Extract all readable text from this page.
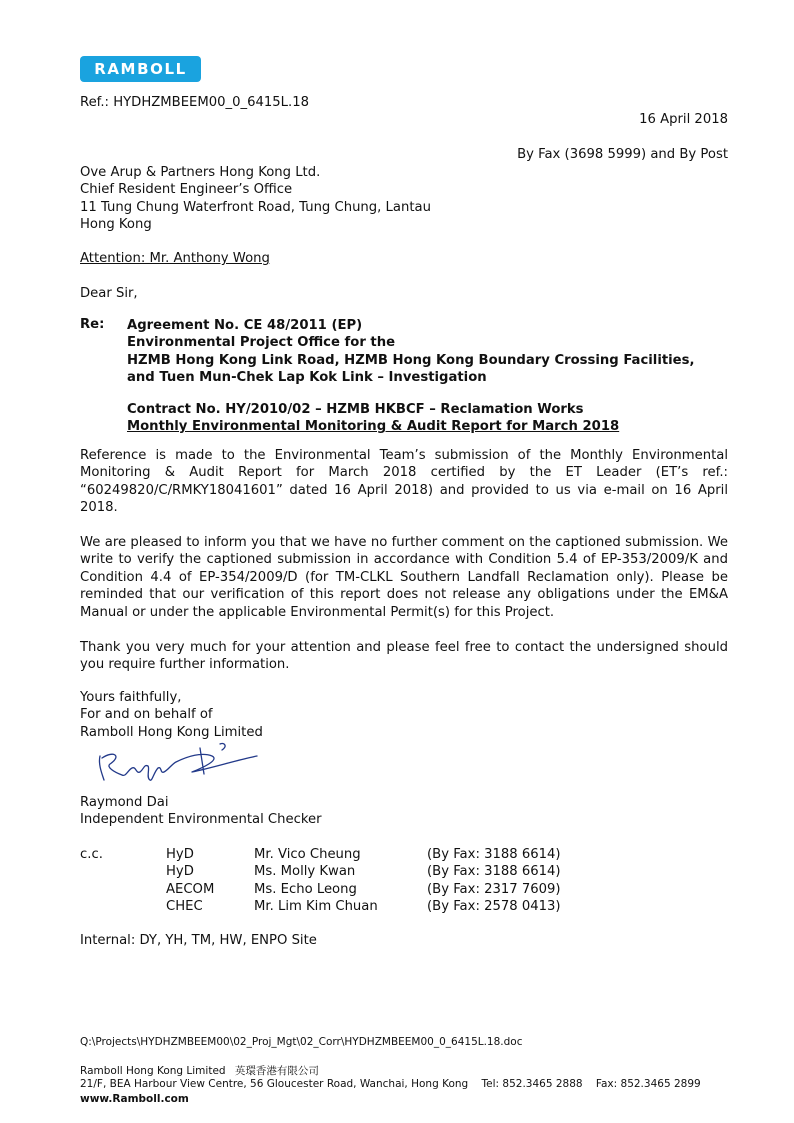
RAMBOLL
Ref.: HYDHZMBEEM00_0_6415L.18
16 April 2018
By Fax (3698 5999) and By Post
Ove Arup & Partners Hong Kong Ltd.
Chief Resident Engineer’s Office
11 Tung Chung Waterfront Road, Tung Chung, Lantau
Hong Kong
Attention: Mr. Anthony Wong
Dear Sir,
Re: Agreement No. CE 48/2011 (EP)
Environmental Project Office for the
HZMB Hong Kong Link Road, HZMB Hong Kong Boundary Crossing Facilities,
and Tuen Mun-Chek Lap Kok Link – Investigation
Contract No. HY/2010/02 – HZMB HKBCF – Reclamation Works
Monthly Environmental Monitoring & Audit Report for March 2018
Reference is made to the Environmental Team’s submission of the Monthly Environmental Monitoring & Audit Report for March 2018 certified by the ET Leader (ET’s ref.: “60249820/C/RMKY18041601” dated 16 April 2018) and provided to us via e-mail on 16 April 2018.
We are pleased to inform you that we have no further comment on the captioned submission. We write to verify the captioned submission in accordance with Condition 5.4 of EP-353/2009/K and Condition 4.4 of EP-354/2009/D (for TM-CLKL Southern Landfall Reclamation only). Please be reminded that our verification of this report does not release any obligations under the EM&A Manual or under the applicable Environmental Permit(s) for this Project.
Thank you very much for your attention and please feel free to contact the undersigned should you require further information.
Yours faithfully,
For and on behalf of
Ramboll Hong Kong Limited
Raymond Dai
Independent Environmental Checker
c.c.	HyD	Mr. Vico Cheung	(By Fax: 3188 6614)
HyD	Ms. Molly Kwan	(By Fax: 3188 6614)
AECOM	Ms. Echo Leong	(By Fax: 2317 7609)
CHEC	Mr. Lim Kim Chuan	(By Fax: 2578 0413)
Internal: DY, YH, TM, HW, ENPO Site
Q:\Projects\HYDHZMBEEM00\02_Proj_Mgt\02_Corr\HYDHZMBEEM00_0_6415L.18.doc
Ramboll Hong Kong Limited 英環香港有限公司
21/F, BEA Harbour View Centre, 56 Gloucester Road, Wanchai, Hong Kong Tel: 852.3465 2888 Fax: 852.3465 2899
www.Ramboll.com
